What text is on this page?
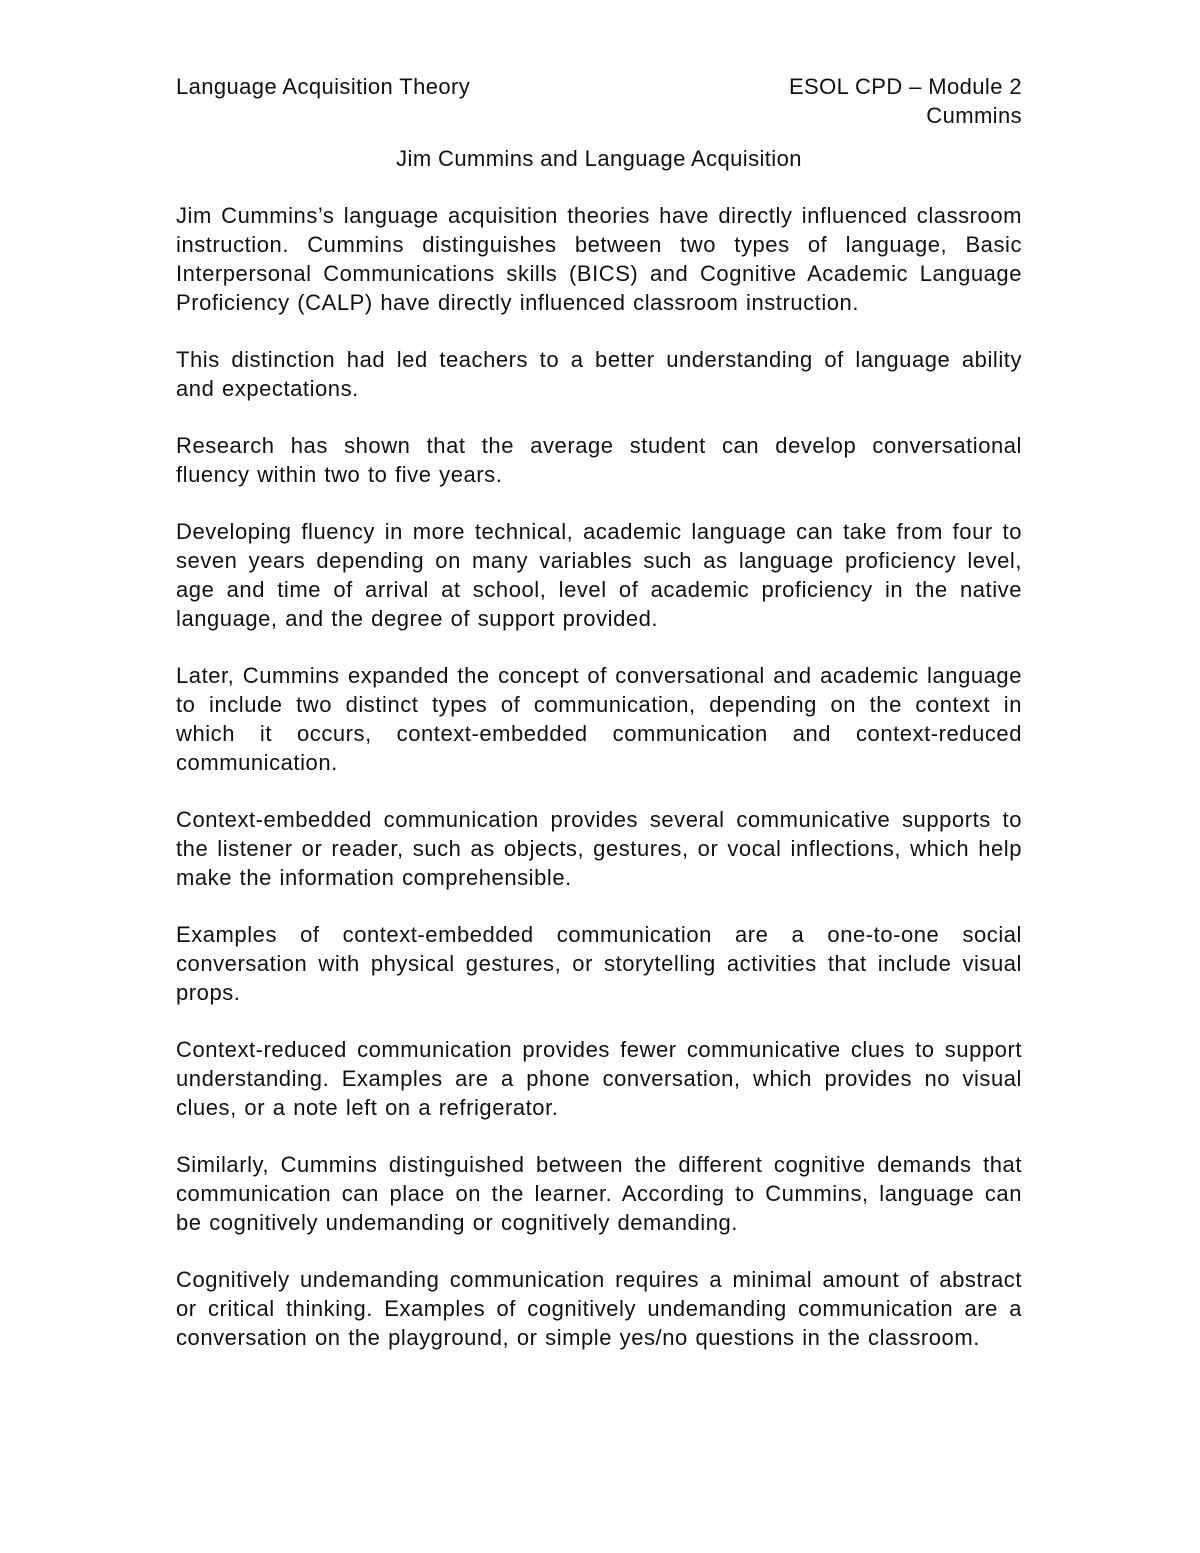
Language Acquisition Theory	ESOL CPD – Module 2
Cummins
Jim Cummins and Language Acquisition

Jim Cummins’s language acquisition theories have directly influenced classroom instruction. Cummins distinguishes between two types of language, Basic Interpersonal Communications skills (BICS) and Cognitive Academic Language Proficiency (CALP) have directly influenced classroom instruction.

This distinction had led teachers to a better understanding of language ability and expectations.

Research has shown that the average student can develop conversational fluency within two to five years.

Developing fluency in more technical, academic language can take from four to seven years depending on many variables such as language proficiency level, age and time of arrival at school, level of academic proficiency in the native language, and the degree of support provided.

Later, Cummins expanded the concept of conversational and academic language to include two distinct types of communication, depending on the context in which it occurs, context-embedded communication and context-reduced communication.

Context-embedded communication provides several communicative supports to the listener or reader, such as objects, gestures, or vocal inflections, which help make the information comprehensible.

Examples of context-embedded communication are a one-to-one social conversation with physical gestures, or storytelling activities that include visual props.

Context-reduced communication provides fewer communicative clues to support understanding. Examples are a phone conversation, which provides no visual clues, or a note left on a refrigerator.

Similarly, Cummins distinguished between the different cognitive demands that communication can place on the learner. According to Cummins, language can be cognitively undemanding or cognitively demanding.

Cognitively undemanding communication requires a minimal amount of abstract or critical thinking. Examples of cognitively undemanding communication are a conversation on the playground, or simple yes/no questions in the classroom.
